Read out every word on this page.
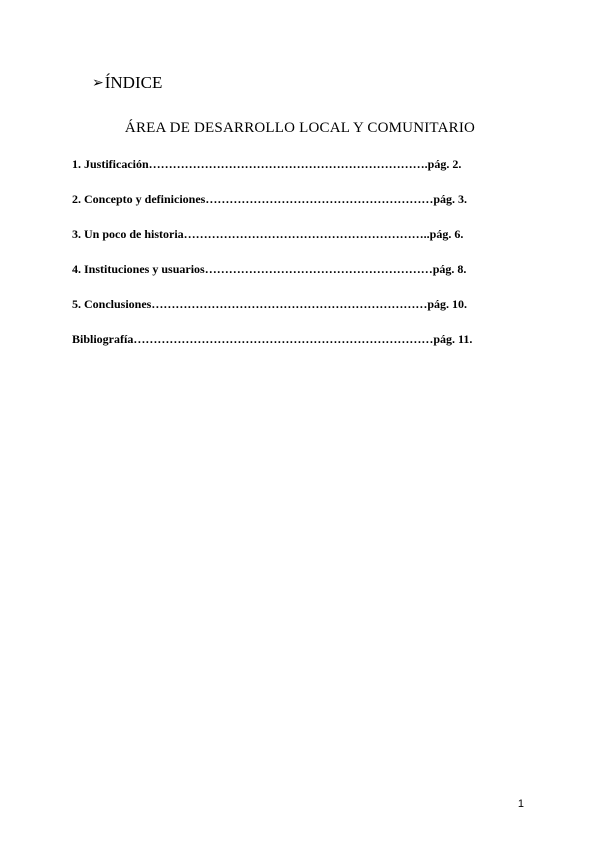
➢ÍNDICE
ÁREA DE DESARROLLO LOCAL Y COMUNITARIO
1. Justificación…………………………………………………………….pág. 2.
2. Concepto y definiciones…………………………………………………pág. 3.
3. Un poco de historia……………………………………………………..pág. 6.
4. Instituciones y usuarios…………………………………………………pág. 8.
5. Conclusiones……………………………………………………………pág. 10.
Bibliografía…………………………………………………………………pág. 11.
1
